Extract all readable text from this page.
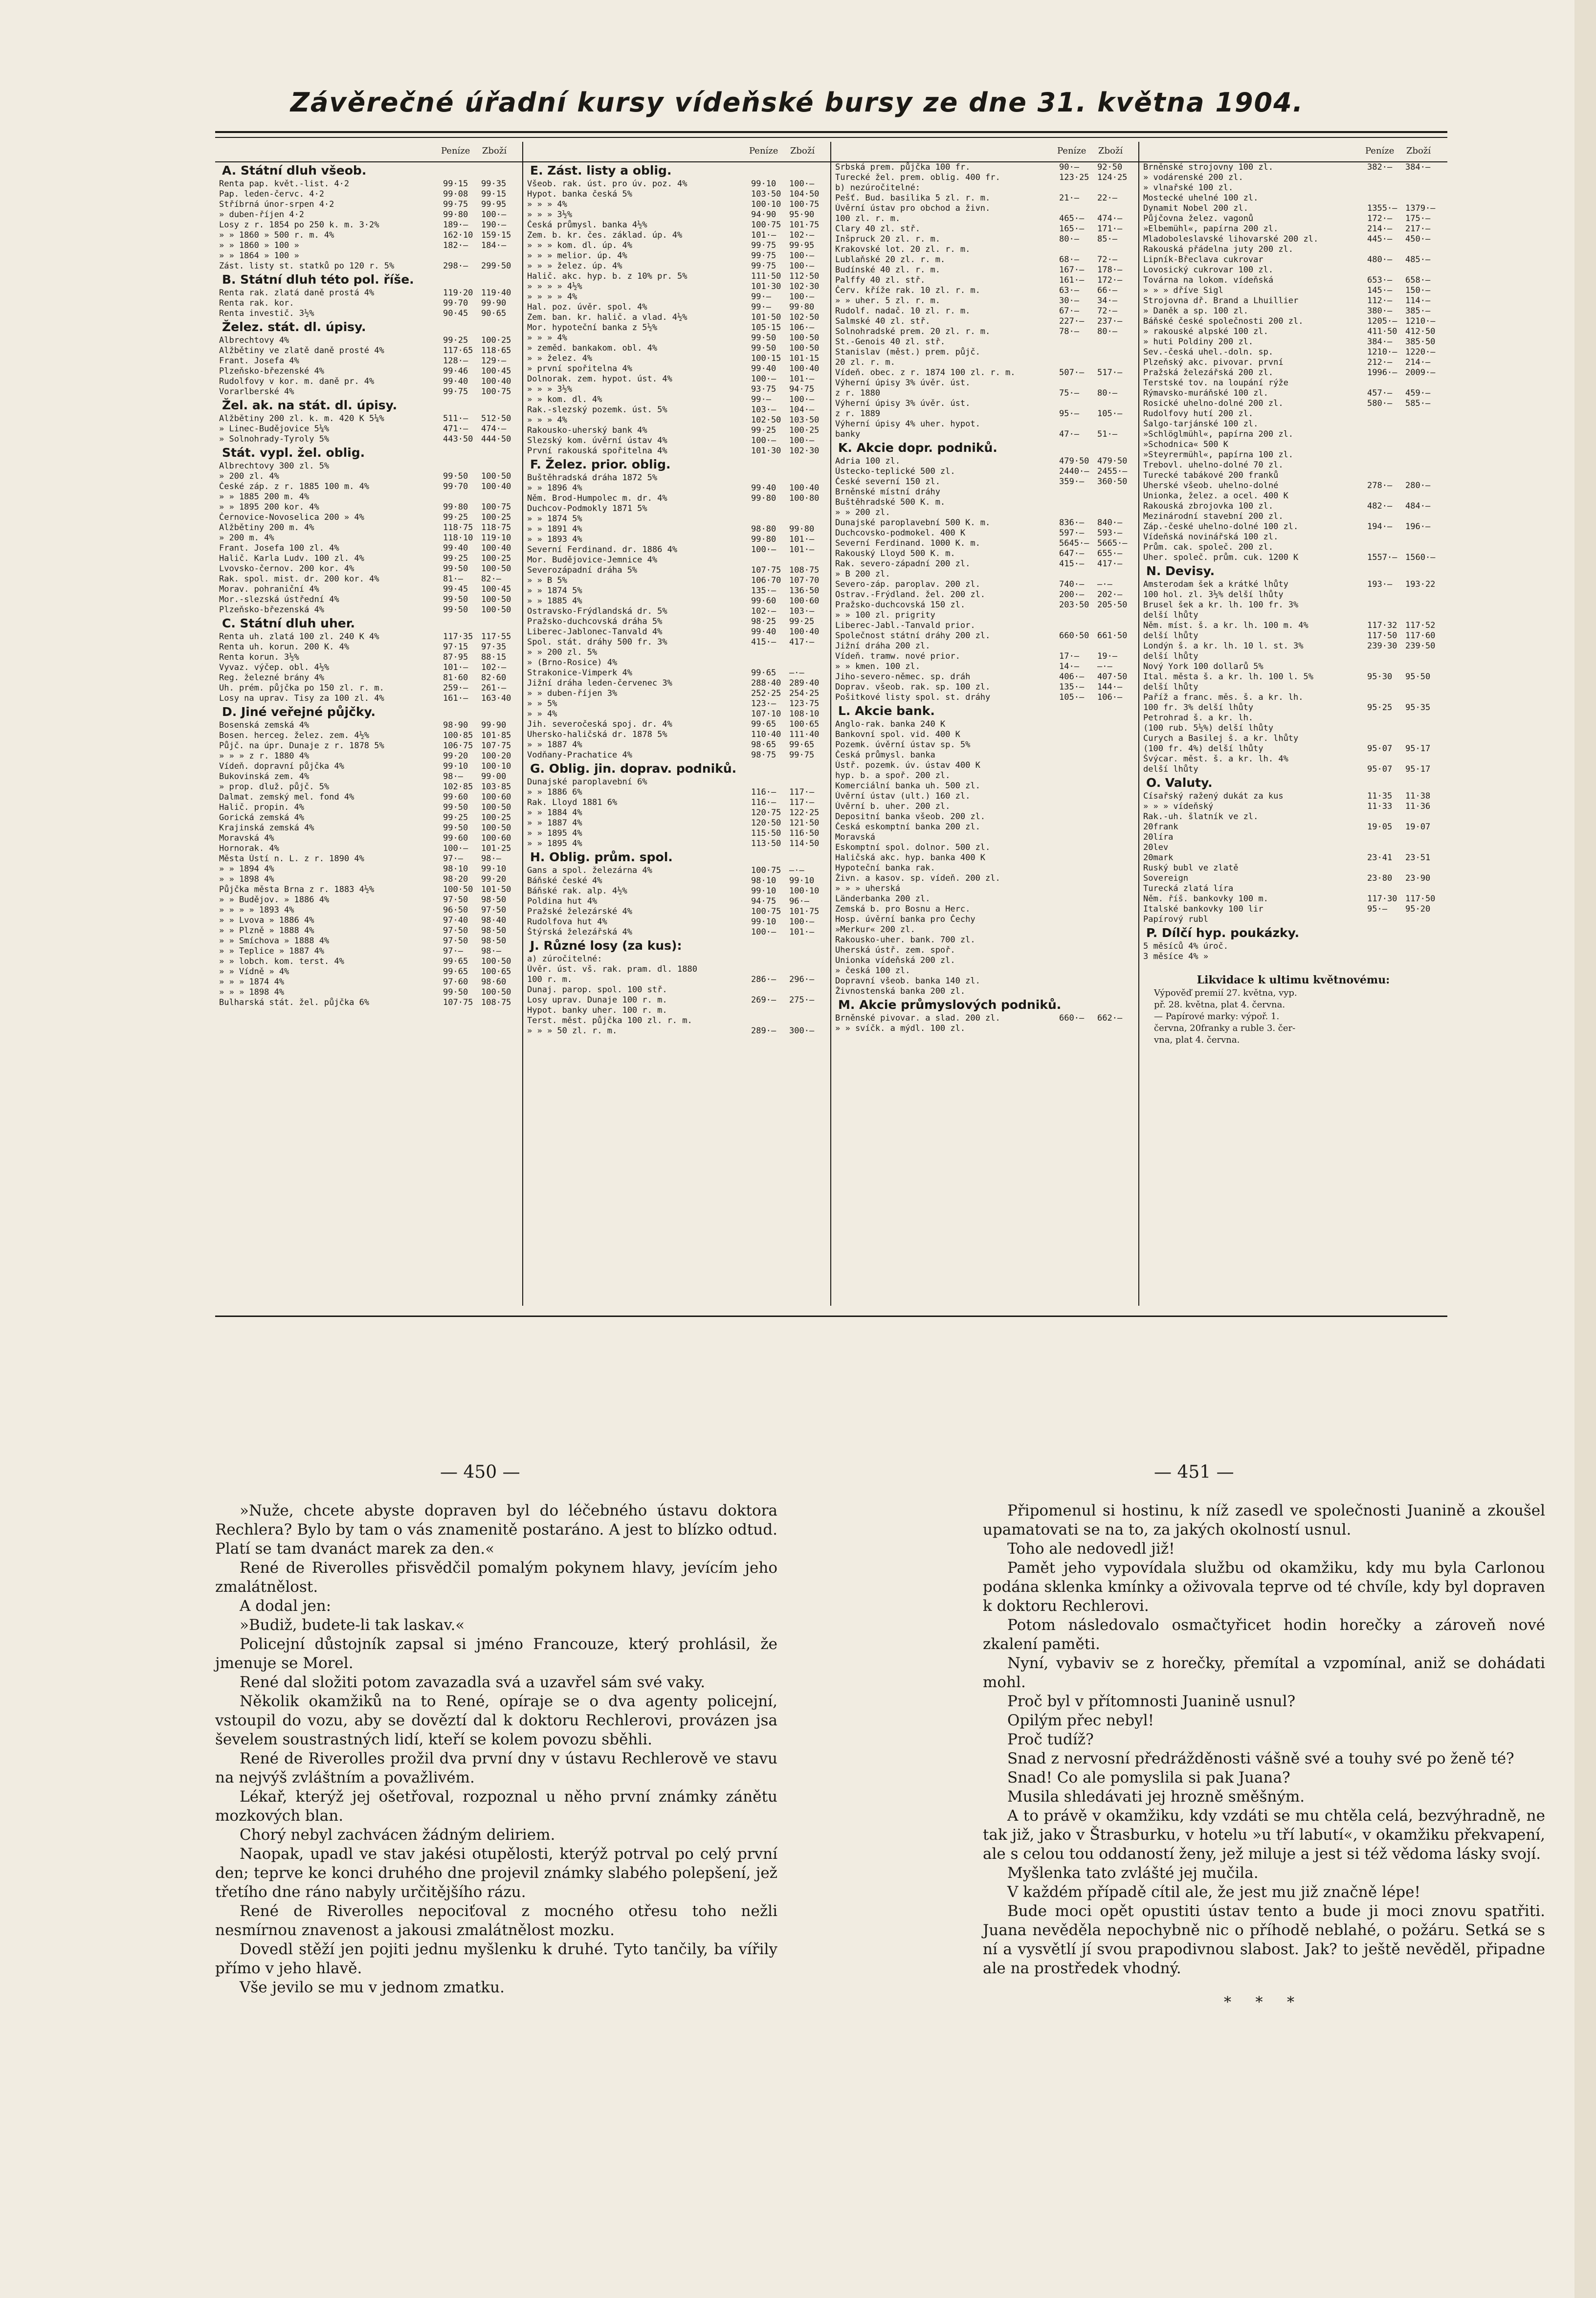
Závěrečné úřadní kursy vídeňské bursy ze dne 31. května 1904.
Peníze Zboží
A. Státní dluh všeob.
Renta pap. květ.-list. 4·2	99·15	99·35
Pap. leden-červc. 4·2	99·08	99·15
Stříbrná únor-srpen 4·2	99·75	99·95
» duben-říjen 4·2	99·80	100·—
Losy z r. 1854 po 250 k. m. 3·2%	189·—	190·—
» » 1860 » 500 r. m. 4%	162·10 159·15
» » 1860 » 100 »	182·—	184·—
» » 1864 » 100 »
Zást. listy st. statků po 120 r. 5%	298·—	299·50
B. Státní dluh této pol. říše.
Renta rak. zlatá daně prostá 4%	119·20 119·40
Renta rak. kor.	99·70	99·90
Renta investič. 3½%	90·45	90·65
Želez. stát. dl. úpisy.
Albrechtovy 4%	99·25	100·25
Alžbětiny ve zlatě daně prosté 4%	117·65 118·65
Frant. Josefa 4%	128·—	129·—
Plzeňsko-březenské 4%	99·46	100·45
Rudolfovy v kor. m. daně pr. 4%	99·40	100·40
Vorarlberské 4%	99·75	100·75
Žel. ak. na stát. dl. úpisy.
Alžbětiny 200 zl. k. m. 420 K 5¼%	511·—	512·50
» Linec-Budějovice 5¼%	471·—	474·—
» Solnohrady-Tyroly 5%	443·50 444·50
Stát. vypl. žel. oblig.
Albrechtovy 300 zl. 5%
» 200 zl. 4%	99·50	100·50
České záp. z r. 1885 100 m. 4%	99·70	100·40
» » 1885 200 m. 4%
» » 1895 200 kor. 4%	99·80	100·75
Černovice-Novoselica 200 » 4%	99·25	100·25
Alžbětiny 200 m. 4%	118·75 118·75
» 200 m. 4%	118·10 119·10
Frant. Josefa 100 zl. 4%	99·40	100·40
Halič. Karla Ludv. 100 zl. 4%	99·25	100·25
Lvovsko-černov. 200 kor. 4%	99·50	100·50
Rak. spol. mist. dr. 200 kor. 4%	81·—	82·—
Morav. pohraniční 4%	99·45	100·45
Mor.-slezská ústřední 4%	99·50	100·50
Plzeňsko-březenská 4%	99·50	100·50
C. Státní dluh uher.
Renta uh. zlatá 100 zl. 240 K 4%	117·35 117·55
Renta uh. korun. 200 K. 4%	97·15	97·35
Renta korun. 3½%	87·95	88·15
Vyvaz. výčep. obl. 4½%	101·—	102·—
Reg. železné brány 4%	81·60	82·60
Uh. prém. půjčka po 150 zl. r. m.	259·—	261·—
Losy na uprav. Tisy za 100 zl. 4%	161·—	163·40
D. Jiné veřejné půjčky.
Bosenská zemská 4%	98·90	99·90
Bosen. herceg. želez. zem. 4½%	100·85 101·85
Půjč. na úpr. Dunaje z r. 1878 5%	106·75 107·75
» » » z r. 1880 4%	99·20	100·20
Vídeň. dopravní půjčka 4%	99·10	100·10
Bukovinská zem. 4%	98·—	99·00
» prop. dluž. půjč. 5%	102·85 103·85
Dalmat. zemský mel. fond 4%	99·60	100·60
Halič. propin. 4%	99·50	100·50
Gorická zemská 4%	99·25	100·25
Krajinská zemská 4%	99·50	100·50
Moravská 4%	99·60	100·60
Hornorak. 4%	100·—	101·25
Města Ústí n. L. z r. 1890 4%	97·—	98·—
» » 1894 4%	98·10	99·10
» » 1898 4%	98·20	99·20
Půjčka města Brna z r. 1883 4½%	100·50 101·50
» » Budějov. » 1886 4%	97·50	98·50
» » » » 1893 4%	96·50	97·50
» » Lvova » 1886 4%	97·40	98·40
» » Plzně » 1888 4%	97·50	98·50
» » Smíchova » 1888 4%	97·50	98·50
» » Teplice » 1887 4%	97·—	98·—
» » lobch. kom. terst. 4%	99·65	100·50
» » Vídně » 4%	99·65	100·65
» » » 1874 4%	97·60	98·60
» » » 1898 4%	99·50	100·50
Bulharská stát. žel. půjčka 6%	107·75 108·75
Peníze Zboží
E. Zást. listy a oblig.
Všeob. rak. úst. pro úv. poz. 4%	99·10	100·—
Hypot. banka česká 5%	103·50 104·50
» » » 4%	100·10 100·75
» » » 3½%	94·90	95·90
Česká průmysl. banka 4½%	100·75 101·75
Zem. b. kr. čes. základ. úp. 4%	101·—	102·—
» » » kom. dl. úp. 4%	99·75	99·95
» » » melior. úp. 4%	99·75	100·—
» » » želez. úp. 4%	99·75	100·—
Halič. akc. hyp. b. z 10% pr. 5%	111·50 112·50
» » » » 4½%	101·30 102·30
» » » » 4%	99·—	100·—
Hal. poz. úvěr. spol. 4%	99·—	99·80
Zem. ban. kr. halič. a vlad. 4½%	101·50 102·50
Mor. hypoteční banka z 5½%	105·15 106·—
» » » 4%	99·50	100·50
» zeměd. bankakom. obl. 4%	99·50	100·50
» » želez. 4%	100·15 101·15
» první spořitelna 4%	99·40	100·40
Dolnorak. zem. hypot. úst. 4%	100·—	101·—
» » » 3½%	93·75	94·75
» » kom. dl. 4%	99·—	100·—
Rak.-slezský pozemk. úst. 5%	103·—	104·—
» » » 4%	102·50 103·50
Rakousko-uherský bank 4%	99·25	100·25
Slezský kom. úvěrní ústav 4%	100·—	100·—
První rakouská spořitelna 4%	101·30 102·30
F. Želez. prior. oblig.
Buštěhradská dráha 1872 5%
» » 1896 4%	99·40	100·40
Něm. Brod-Humpolec m. dr. 4%	99·80	100·80
Duchcov-Podmokly 1871 5%
» » 1874 5%
» » 1891 4%	98·80	99·80
» » 1893 4%	99·80	101·—
Severní Ferdinand. dr. 1886 4%	100·—	101·—
Mor. Budějovice-Jemnice 4%
Severozápadní dráha 5%	107·75 108·75
» » B 5%	106·70 107·70
» » 1874 5%	135·—	136·50
» » 1885 4%	99·60	100·60
Ostravsko-Frýdlandská dr. 5%	102·—	103·—
Pražsko-duchcovská dráha 5%	98·25	99·25
Liberec-Jablonec-Tanvald 4%	99·40	100·40
Spol. stát. dráhy 500 fr. 3%	415·—	417·—
» » 200 zl. 5%
» (Brno-Rosice) 4%
Strakonice-Vimperk 4%	99·65	—·—
Jižní dráha leden-červenec 3%	288·40 289·40
» » duben-říjen 3%	252·25 254·25
» » 5%	123·—	123·75
» » 4%	107·10 108·10
Jih. severočeská spoj. dr. 4%	99·65	100·65
Uhersko-haličská dr. 1878 5%	110·40 111·40
» » 1887 4%	98·65	99·65
Vodňany-Prachatice 4%	98·75	99·75
G. Oblig. jin. doprav. podniků.
Dunajské paroplavební 6%
» » 1886 6%	116·—	117·—
Rak. Lloyd 1881 6%	116·—	117·—
» » 1884 4%	120·75 122·25
» » 1887 4%	120·50 121·50
» » 1895 4%	115·50 116·50
» » 1895 4%	113·50 114·50
H. Oblig. prům. spol.
Gans a spol. železárna 4%	100·75 —·—
Báňské české 4%	98·10	99·10
Báňské rak. alp. 4½%	99·10	100·10
Poldina hut 4%	94·75	96·—
Pražské železárské 4%	100·75 101·75
Rudolfova hut 4%	99·10	100·—
Štýrská železářská 4%	100·—	101·—
J. Různé losy (za kus):
a) zúročitelné:
Úvěr. úst. vš. rak. pram. dl. 1880
100 r. m.	286·—	296·—
Dunaj. parop. spol. 100 stř.
Losy uprav. Dunaje 100 r. m.	269·—	275·—
Hypot. banky uher. 100 r. m.
Terst. měst. půjčka 100 zl. r. m.
» » » 50 zl. r. m.	289·—	300·—
Peníze Zboží
Srbská prem. půjčka 100 fr.	90·—	92·50
Turecké žel. prem. oblig. 400 fr.	123·25 124·25
b) nezúročitelné:
Pešť. Bud. basilika 5 zl. r. m.	21·—	22·—
Úvěrní ústav pro obchod a živn.
100 zl. r. m.	465·—	474·—
Clary 40 zl. stř.	165·—	171·—
Inšpruck 20 zl. r. m.	80·—	85·—
Krakovské lot. 20 zl. r. m.
Lublaňské 20 zl. r. m.	68·—	72·—
Budínské 40 zl. r. m.	167·—	178·—
Palffy 40 zl. stř.	161·—	172·—
Červ. kříže rak. 10 zl. r. m.	63·—	66·—
» » uher. 5 zl. r. m.	30·—	34·—
Rudolf. nadač. 10 zl. r. m.	67·—	72·—
Salmské 40 zl. stř.	227·—	237·—
Solnohradské prem. 20 zl. r. m.	78·—	80·—
St.-Genois 40 zl. stř.
Stanislav (měst.) prem. půjč.
20 zl. r. m.
Vídeň. obec. z r. 1874 100 zl. r. m.	507·—	517·—
Výherní úpisy 3% úvěr. úst.
z r. 1880	75·—	80·—
Výherní úpisy 3% úvěr. úst.
z r. 1889	95·—	105·—
Výherní úpisy 4% uher. hypot.
banky	47·—	51·—
K. Akcie dopr. podniků.
Adria 100 zl.	479·50 479·50
Ústecko-teplické 500 zl.	2440·— 2455·—
České severní 150 zl.	359·—	360·50
Brněnské místní dráhy
Buštěhradské 500 K. m.
» » 200 zl.
Dunajské paroplavební 500 K. m.	836·—	840·—
Duchcovsko-podmokel. 400 K	597·—	593·—
Severní Ferdinand. 1000 K. m.	5645·— 5665·—
Rakouský Lloyd 500 K. m.	647·—	655·—
Rak. severo-západní 200 zl.	415·—	417·—
» B 200 zl.
Severo-záp. paroplav. 200 zl.	740·—	—·—
Ostrav.-Frýdland. žel. 200 zl.	200·—	202·—
Pražsko-duchcovská 150 zl.	203·50 205·50
» » 100 zl. prigrity
Liberec-Jabl.-Tanvald prior.
Společnost státní dráhy 200 zl.	660·50 661·50
Jižní dráha 200 zl.
Vídeň. tramw. nové prior.	17·—	19·—
» » kmen. 100 zl.	14·—	—·—
Jiho-severo-němec. sp. dráh	406·—	407·50
Doprav. všeob. rak. sp. 100 zl.	135·—	144·—
Pošitkové listy spol. st. dráhy	105·—	106·—
L. Akcie bank.
Anglo-rak. banka 240 K
Bankovní spol. vid. 400 K
Pozemk. úvěrní ústav sp. 5%
Česká průmysl. banka
Ústř. pozemk. úv. ústav 400 K
hyp. b. a spoř. 200 zl.
Komerciální banka uh. 500 zl.
Úvěrní ústav (ult.) 160 zl.
Úvěrní b. uher. 200 zl.
Depositní banka všeob. 200 zl.
Česká eskomptní banka 200 zl.
Moravská
Eskomptní spol. dolnor. 500 zl.
Haličská akc. hyp. banka 400 K
Hypoteční banka rak.
Živn. a kasov. sp. vídeň. 200 zl.
» » » uherská
Länderbanka 200 zl.
Zemská b. pro Bosnu a Herc.
Hosp. úvěrní banka pro Čechy
»Merkur« 200 zl.
Rakousko-uher. bank. 700 zl.
Uherská ústř. zem. spoř.
Unionka vídeňská 200 zl.
» česká 100 zl.
Dopravní všeob. banka 140 zl.
Živnostenská banka 200 zl.
M. Akcie průmyslových podniků.
Brněnské pivovar. a slad. 200 zl.	660·—	662·—
» » svíčk. a mýdl. 100 zl.
Peníze Zboží
Brněnské strojovny 100 zl.	382·—	384·—
» vodárenské 200 zl.
» vlnařské 100 zl.
Mostecké uhelné 100 zl.
Dynamit Nobel 200 zl.	1355·— 1379·—
Půjčovna želez. vagonů	172·—	175·—
»Elbemühl«, papírna 200 zl.	214·—	217·—
Mladoboleslavské lihovarské 200 zl.	445·—	450·—
Rakouská přádelna juty 200 zl.
Lipník-Břeclava cukrovar	480·—	485·—
Lovosický cukrovar 100 zl.
Továrna na lokom. vídeňská	653·—	658·—
» » » dříve Sigl	145·—	150·—
Strojovna dř. Brand a Lhuillier	112·—	114·—
» Daněk a sp. 100 zl.	380·—	385·—
Báňské české společnosti 200 zl.	1205·— 1210·—
» rakouské alpské 100 zl.	411·50 412·50
» huti Poldiny 200 zl.	384·—	385·50
Sev.-česká uhel.-doln. sp.	1210·— 1220·—
Plzeňský akc. pivovar. první	212·—	214·—
Pražská železářská 200 zl.	1996·— 2009·—
Terstské tov. na loupání rýže
Rýmavsko-muráňské 100 zl.	457·—	459·—
Rosické uhelno-dolné 200 zl.	580·—	585·—
Rudolfovy hutí 200 zl.
Šalgo-tarjánské 100 zl.
»Schlöglmühl«, papírna 200 zl.
»Schodnica« 500 K
»Steyrermühl«, papírna 100 zl.
Trebovl. uhelno-dolné 70 zl.
Turecké tabákové 200 franků
Uherské všeob. uhelno-dolné	278·—	280·—
Unionka, želez. a ocel. 400 K
Rakouská zbrojovka 100 zl.	482·—	484·—
Mezinárodní stavební 200 zl.
Záp.-české uhelno-dolné 100 zl.	194·—	196·—
Vídeňská novinářská 100 zl.
Prům. cak. společ. 200 zl.
Uher. společ. prům. cuk. 1200 K	1557·— 1560·—
N. Devisy.
Amsterodam šek a krátké lhůty	193·—	193·22
100 hol. zl. 3½% delší lhůty
Brusel šek a kr. lh. 100 fr. 3%
delší lhůty
Něm. míst. š. a kr. lh. 100 m. 4%	117·32 117·52
delší lhůty	117·50 117·60
Londýn š. a kr. lh. 10 l. st. 3%	239·30 239·50
delší lhůty
Nový York 100 dollarů 5%
Ital. města š. a kr. lh. 100 l. 5%	95·30	95·50
delší lhůty
Paříž a franc. měs. š. a kr. lh.
100 fr. 3% delší lhůty	95·25	95·35
Petrohrad š. a kr. lh.
(100 rub. 5½%) delší lhůty
Curych a Basilej š. a kr. lhůty
(100 fr. 4%) delší lhůty	95·07	95·17
Švýcar. měst. š. a kr. lh. 4%
delší lhůty	95·07	95·17
O. Valuty.
Císařský ražený dukát za kus	11·35	11·38
» » » vídeňský	11·33	11·36
Rak.-uh. šlatník ve zl.
20frank	19·05	19·07
20líra
20lev
20mark	23·41	23·51
Ruský bubl ve zlatě
Sovereign	23·80	23·90
Turecká zlatá líra
Něm. říš. bankovky 100 m.	117·30 117·50
Italské bankovky 100 lir	95·—	95·20
Papírový rubl
P. Dílčí hyp. poukázky.
5 měsíců 4% úroč.
3 měsíce 4% »
Likvidace k ultimu květnovému:
Výpověď premií 27. května, vyp.
př. 28. května, plat 4. června.
— Papírové marky: výpoř. 1.
června, 20franky a ruble 3. čer-
vna, plat 4. června.
— 450 —	— 451 —

»Nuže, chcete abyste dopraven byl do léčebného ústavu doktora Rechlera? Bylo by tam o vás znamenitě postaráno. A jest to blízko odtud. Platí se tam dvanáct marek za den.«

René de Riverolles přisvědčil pomalým pokynem hlavy, jevícím jeho zmalátnělost.

A dodal jen:

»Budiž, budete-li tak laskav.«

Policejní důstojník zapsal si jméno Francouze, který prohlásil, že jmenuje se Morel.

René dal složiti potom zavazadla svá a uzavřel sám své vaky.

Několik okamžiků na to René, opíraje se o dva agenty policejní, vstoupil do vozu, aby se dověztí dal k doktoru Rechlerovi, provázen jsa ševelem soustrastných lidí, kteří se kolem povozu sběhli.

René de Riverolles prožil dva první dny v ústavu Rechlerově ve stavu na nejvýš zvláštním a považlivém.

Lékař, kterýž jej ošetřoval, rozpoznal u něho první známky zánětu mozkových blan.

Chorý nebyl zachvácen žádným deliriem.

Naopak, upadl ve stav jakési otupělosti, kterýž potrval po celý první den; teprve ke konci druhého dne projevil známky slabého polepšení, jež třetího dne ráno nabyly určitějšího rázu.

René de Riverolles nepociťoval z mocného otřesu toho nežli nesmírnou znavenost a jakousi zmalátnělost mozku.

Dovedl stěží jen pojiti jednu myšlenku k druhé. Tyto tančily, ba vířily přímo v jeho hlavě.

Vše jevilo se mu v jednom zmatku.

Připomenul si hostinu, k níž zasedl ve společnosti Juanině a zkoušel upamatovati se na to, za jakých okolností usnul.

Toho ale nedovedl již!

Pamět jeho vypovídala službu od okamžiku, kdy mu byla Carlonou podána sklenka kmínky a oživovala teprve od té chvíle, kdy byl dopraven k doktoru Rechlerovi.

Potom následovalo osmačtyřicet hodin horečky a zároveň nové zkalení paměti.

Nyní, vybaviv se z horečky, přemítal a vzpomínal, aniž se dohádati mohl.

Proč byl v přítomnosti Juanině usnul?

Opilým přec nebyl!

Proč tudíž?

Snad z nervosní předrážděnosti vášně své a touhy své po ženě té?

Snad! Co ale pomyslila si pak Juana?

Musila shledávati jej hrozně směšným.

A to právě v okamžiku, kdy vzdáti se mu chtěla celá, bezvýhradně, ne tak již, jako v Štrasburku, v hotelu »u tří labutí«, v okamžiku překvapení, ale s celou tou oddaností ženy, jež miluje a jest si též vědoma lásky svojí.

Myšlenka tato zvlášté jej mučila.

V každém případě cítil ale, že jest mu již značně lépe!

Bude moci opět opustiti ústav tento a bude ji moci znovu spatřiti. Juana nevěděla nepochybně nic o příhodě neblahé, o požáru. Setká se s ní a vysvětlí jí svou prapodivnou slabost. Jak? to ještě nevěděl, připadne ale na prostředek vhodný.

* * *
